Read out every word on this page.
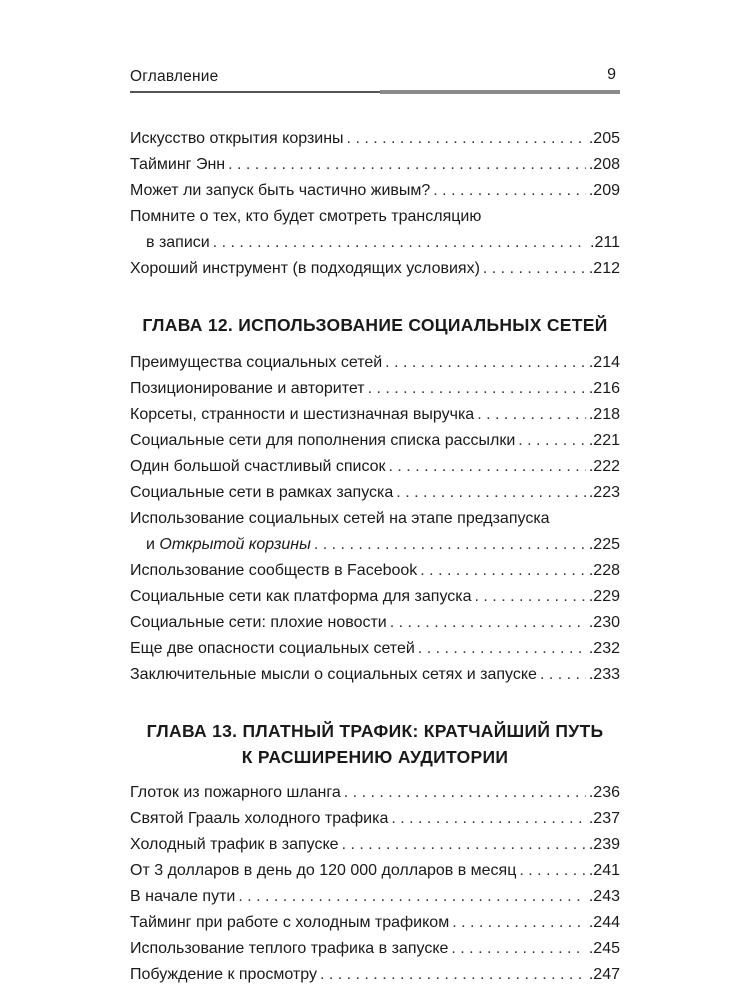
Оглавление	9
Искусство открытия корзины . . .	.205
Тайминг Энн . . .	.208
Может ли запуск быть частично живым? . . .	.209
Помните о тех, кто будет смотреть трансляцию
в записи . . .	.211
Хороший инструмент (в подходящих условиях) . . .	.212
ГЛАВА 12. ИСПОЛЬЗОВАНИЕ СОЦИАЛЬНЫХ СЕТЕЙ
Преимущества социальных сетей . . .	.214
Позиционирование и авторитет . . .	.216
Корсеты, странности и шестизначная выручка . . .	.218
Социальные сети для пополнения списка рассылки . . .	.221
Один большой счастливый список . . .	.222
Социальные сети в рамках запуска . . .	.223
Использование социальных сетей на этапе предзапуска
и Открытой корзины . . .	.225
Использование сообществ в Facebook . . .	.228
Социальные сети как платформа для запуска . . .	.229
Социальные сети: плохие новости . . .	.230
Еще две опасности социальных сетей . . .	.232
Заключительные мысли о социальных сетях и запуске . . .	.233
ГЛАВА 13. ПЛАТНЫЙ ТРАФИК: КРАТЧАЙШИЙ ПУТЬ
К РАСШИРЕНИЮ АУДИТОРИИ
Глоток из пожарного шланга . . .	.236
Святой Грааль холодного трафика . . .	.237
Холодный трафик в запуске . . .	.239
От 3 долларов в день до 120 000 долларов в месяц . . .	.241
В начале пути . . .	.243
Тайминг при работе с холодным трафиком . . .	.244
Использование теплого трафика в запуске . . .	.245
Побуждение к просмотру . . .	.247
